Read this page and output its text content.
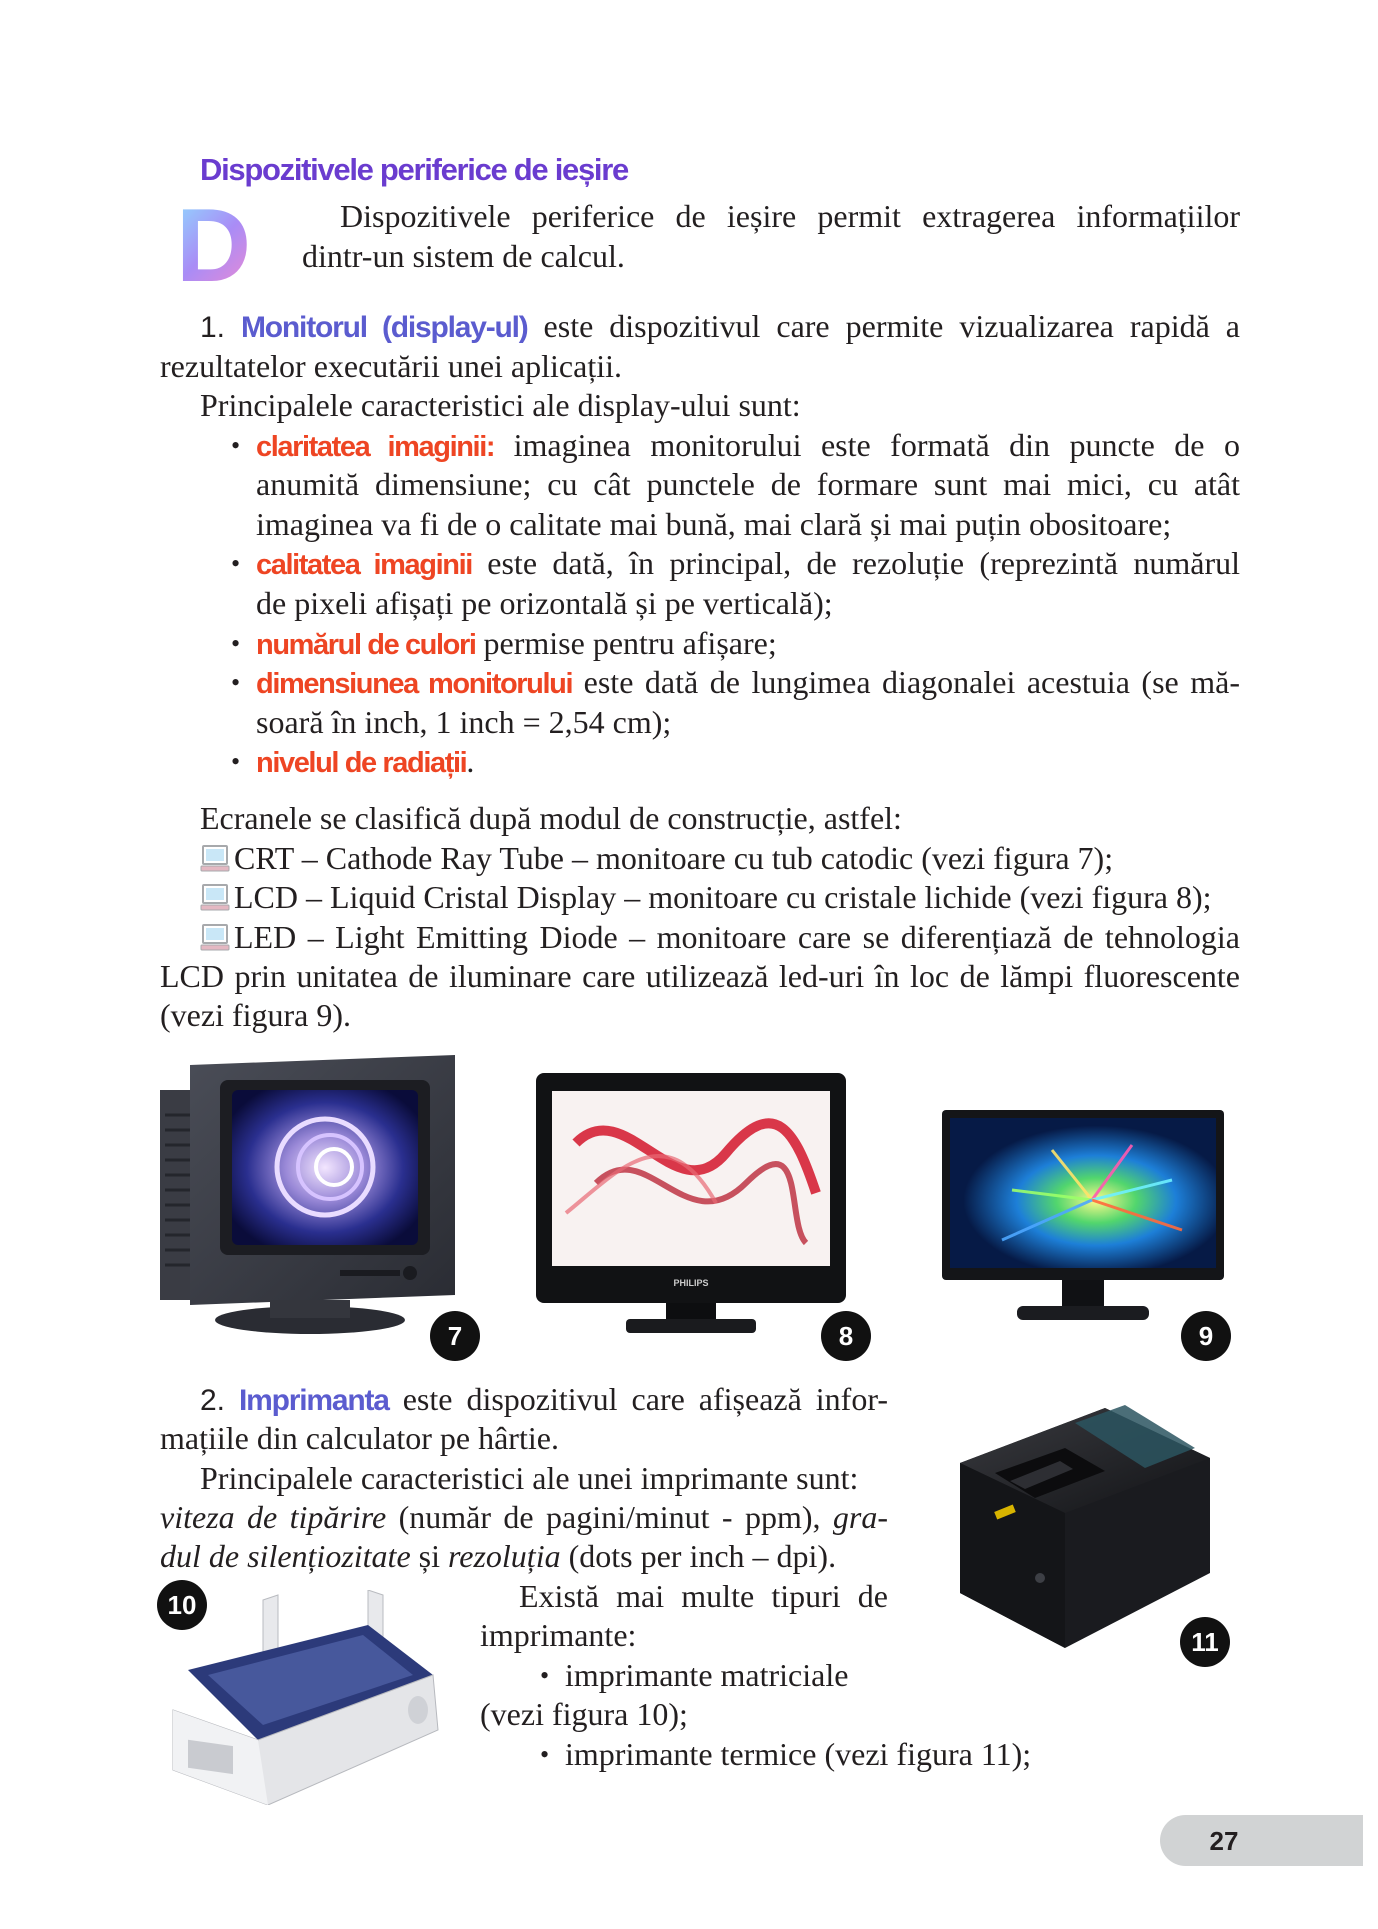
Dispozitivele periferice de ieșire
D	Dispozitivele periferice de ieșire permit extragerea informațiilor
dintr-un sistem de calcul.
1. Monitorul (display-ul) este dispozitivul care permite vizualizarea rapidă a
rezultatelor executării unei aplicații.
Principalele caracteristici ale display-ului sunt:
• claritatea imaginii: imaginea monitorului este formată din puncte de o
anumită dimensiune; cu cât punctele de formare sunt mai mici, cu atât
imaginea va fi de o calitate mai bună, mai clară și mai puțin obositoare;
• calitatea imaginii este dată, în principal, de rezoluție (reprezintă numărul
de pixeli afișați pe orizontală și pe verticală);
• numărul de culori permise pentru afișare;
• dimensiunea monitorului este dată de lungimea diagonalei acestuia (se mă-
soară în inch, 1 inch = 2,54 cm);
• nivelul de radiații.
Ecranele se clasifică după modul de construcție, astfel:
CRT – Cathode Ray Tube – monitoare cu tub catodic (vezi figura 7);
LCD – Liquid Cristal Display – monitoare cu cristale lichide (vezi figura 8);
LED – Light Emitting Diode – monitoare care se diferențiază de tehnologia
LCD prin unitatea de iluminare care utilizează led-uri în loc de lămpi fluorescente
(vezi figura 9).
PHILIPS
7	8	9
2. Imprimanta este dispozitivul care afișează infor-
mațiile din calculator pe hârtie.
Principalele caracteristici ale unei imprimante sunt:
viteza de tipărire (număr de pagini/minut - ppm), gra-
dul de silențiozitate și rezoluția (dots per inch – dpi).
Există mai multe tipuri de
imprimante:
• imprimante matriciale
(vezi figura 10);
• imprimante termice (vezi figura 11);
10
11
27
